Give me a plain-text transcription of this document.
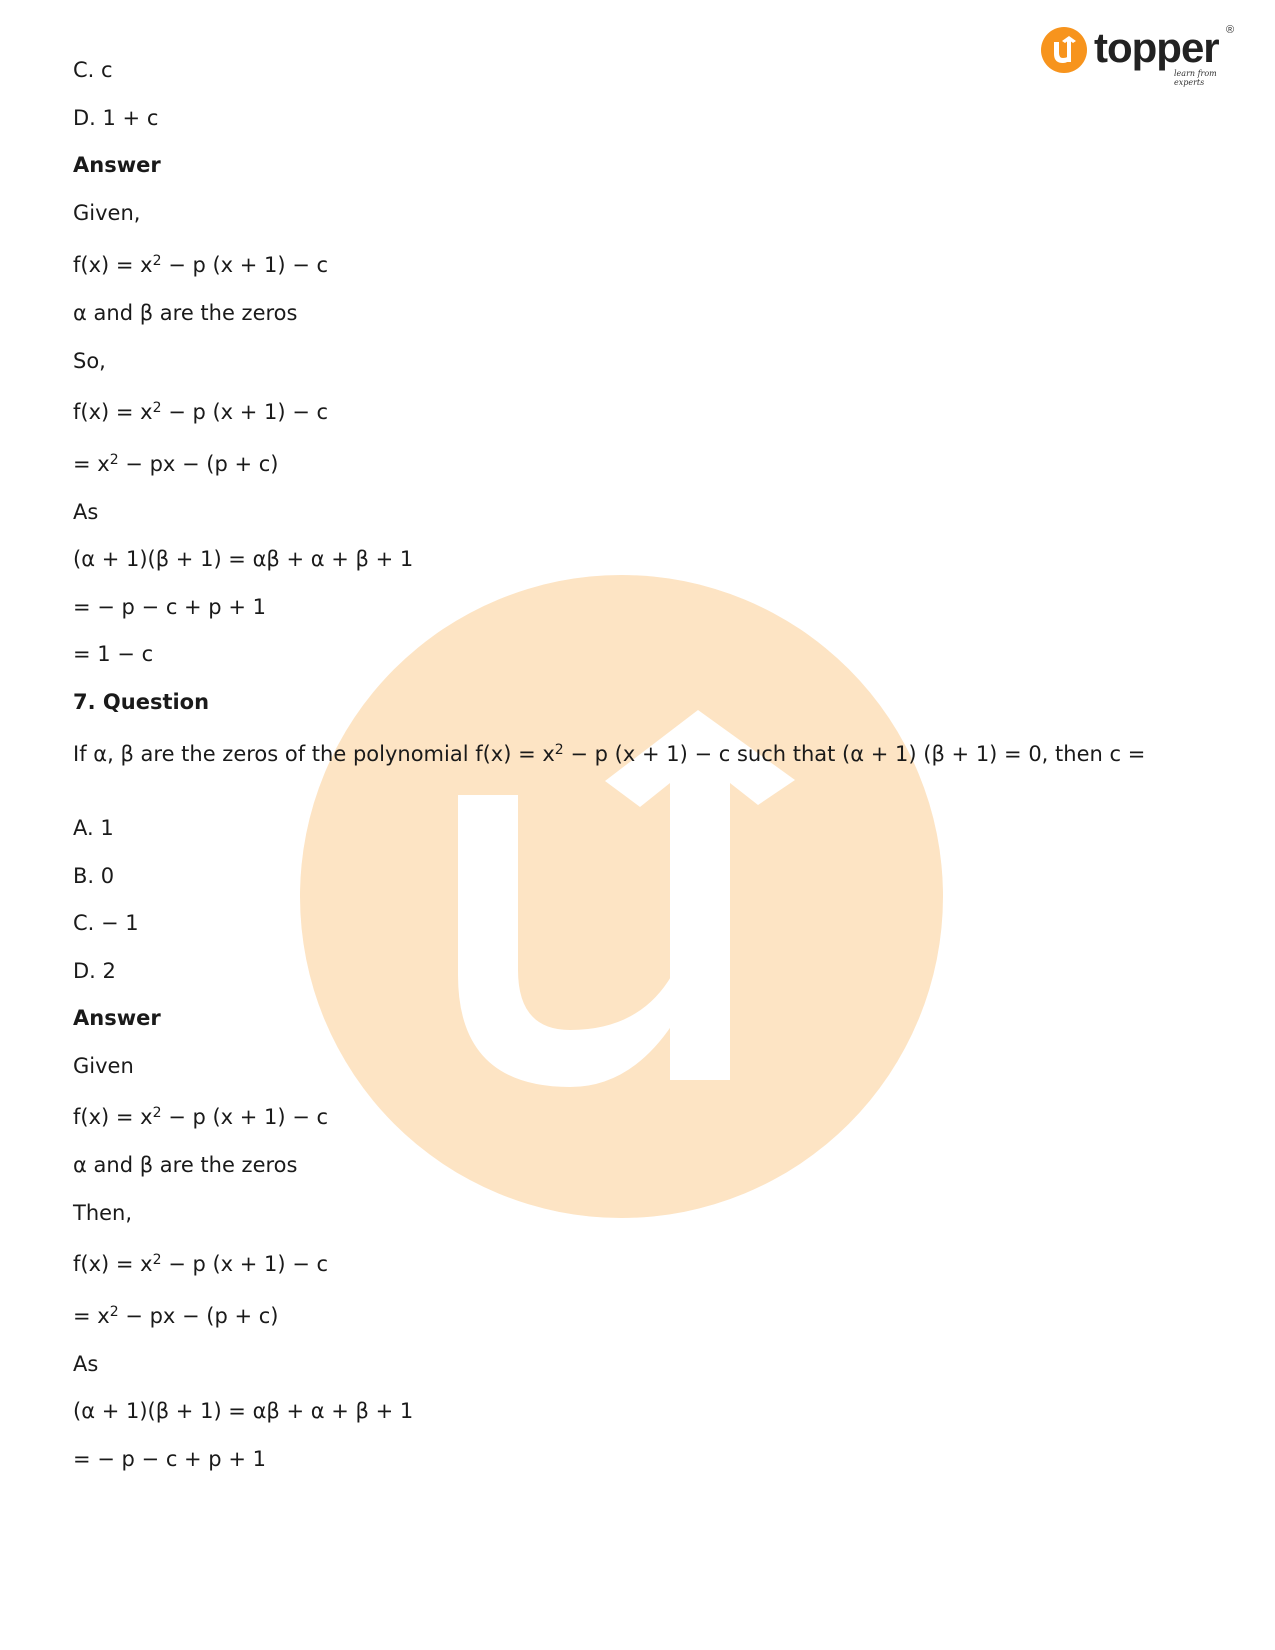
topper
learn from experts
®
C. c
D. 1 + c
Answer
Given,
$f(x) = x^2 - p$ (x + 1) − c
α and β are the zeros
So,
$f(x) = x^2 - p$ (x + 1) − c
= $x^2$ − px − (p + c)
As
(α + 1)(β + 1) = αβ + α + β + 1
= − p − c + p + 1
= 1 − c
7. Question
If α, β are the zeros of the polynomial $f(x) = x^2 - p$ (x + 1) − c such that (α + 1) (β + 1) = 0, then c =
A. 1
B. 0
C. − 1
D. 2
Answer
Given
$f(x) = x^2 - p$ (x + 1) − c
α and β are the zeros
Then,
$f(x) = x^2 - p$ (x + 1) − c
= $x^2$ − px − (p + c)
As
(α + 1)(β + 1) = αβ + α + β + 1
= − p − c + p + 1
